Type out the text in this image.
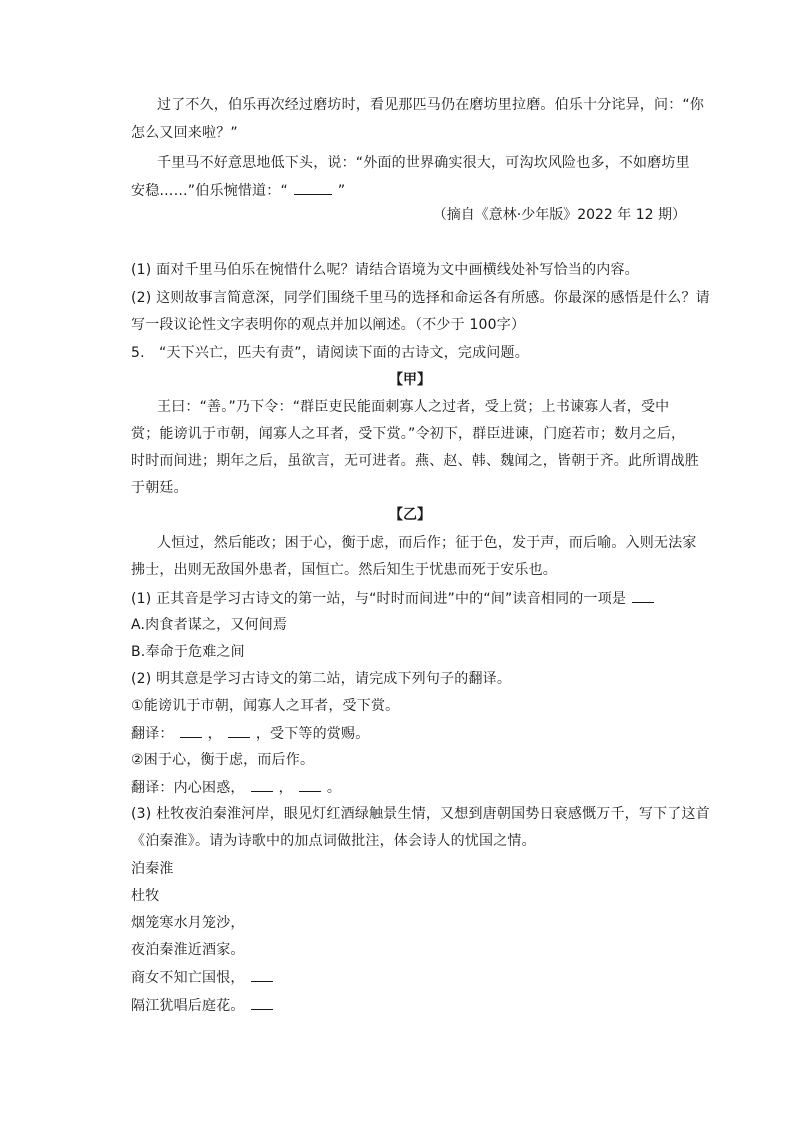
过了不久，伯乐再次经过磨坊时，看见那匹马仍在磨坊里拉磨。伯乐十分诧异，问：“你
怎么又回来啦？”
千里马不好意思地低下头，说：“外面的世界确实很大，可沟坎风险也多，不如磨坊里
安稳……”伯乐惋惜道：“	”
（摘自《意林·少年版》2022 年 12 期）
(1) 面对千里马伯乐在惋惜什么呢？请结合语境为文中画横线处补写恰当的内容。
(2) 这则故事言简意深，同学们围绕千里马的选择和命运各有所感。你最深的感悟是什么？请
写一段议论性文字表明你的观点并加以阐述。（不少于 100字）
5. “天下兴亡，匹夫有责”，请阅读下面的古诗文，完成问题。
【甲】
王曰：“善。”乃下令：“群臣吏民能面刺寡人之过者，受上赏；上书谏寡人者，受中
赏；能谤讥于市朝，闻寡人之耳者，受下赏。”令初下，群臣进谏，门庭若市；数月之后，
时时而间进；期年之后，虽欲言，无可进者。燕、赵、韩、魏闻之，皆朝于齐。此所谓战胜
于朝廷。
【乙】
人恒过，然后能改；困于心，衡于虑，而后作；征于色，发于声，而后喻。入则无法家
拂士，出则无敌国外患者，国恒亡。然后知生于忧患而死于安乐也。
(1) 正其音是学习古诗文的第一站，与“时时而间进”中的“间”读音相同的一项是
A.肉食者谋之，又何间焉
B.奉命于危难之间
(2) 明其意是学习古诗文的第二站，请完成下列句子的翻译。
①能谤讥于市朝，闻寡人之耳者，受下赏。
翻译： ， ，受下等的赏赐。
②困于心，衡于虑，而后作。
翻译：内心困惑， ， 。
(3) 杜牧夜泊秦淮河岸，眼见灯红酒绿触景生情，又想到唐朝国势日衰感慨万千，写下了这首
《泊秦淮》。请为诗歌中的加点词做批注，体会诗人的忧国之情。
泊秦淮
杜牧
烟笼寒水月笼沙，
夜泊秦淮近酒家。
商女不知亡国恨，
隔江犹唱后庭花。
